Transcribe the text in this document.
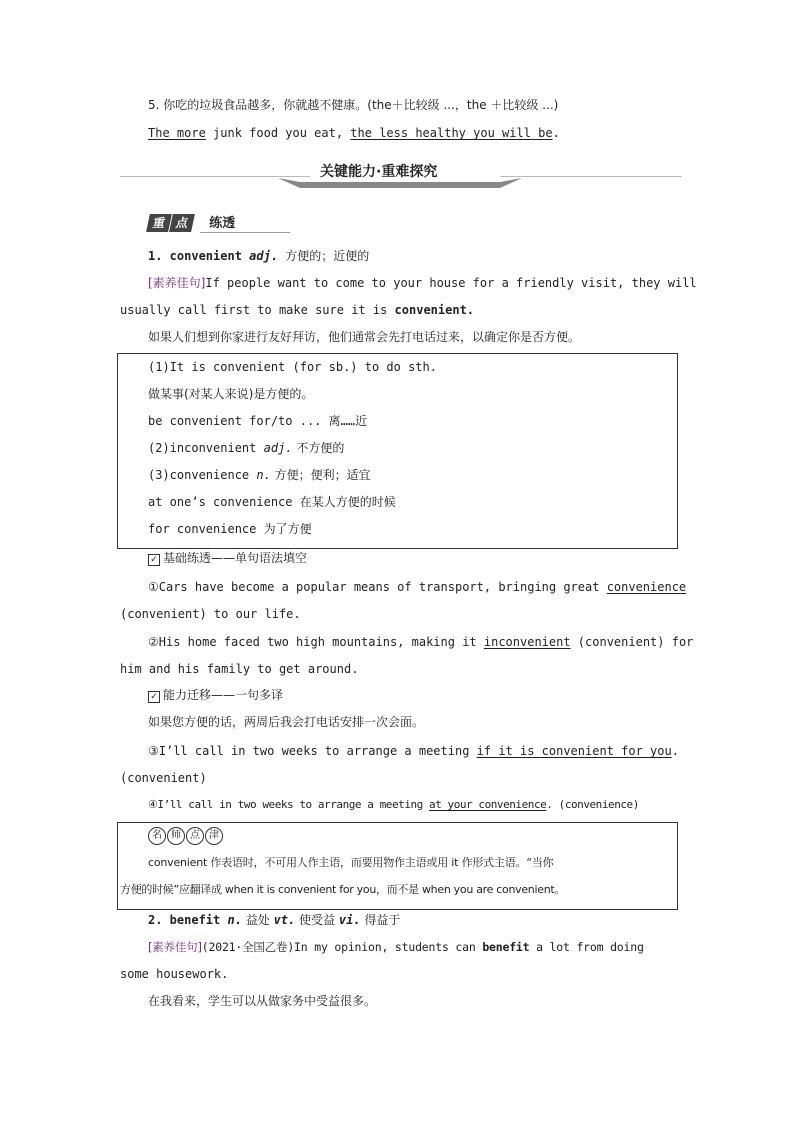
5. 你吃的垃圾食品越多，你就越不健康。(the＋比较级 ...，the ＋比较级 ...)
The more junk food you eat, the less healthy you will be.
关键能力·重难探究
重 点 练透
1. convenient adj. 方便的；近便的
[素养佳句]If people want to come to your house for a friendly visit, they will
usually call first to make sure it is convenient.
如果人们想到你家进行友好拜访，他们通常会先打电话过来，以确定你是否方便。
(1)It is convenient (for sb.) to do sth.
做某事(对某人来说)是方便的。
be convenient for/to ... 离……近
(2)inconvenient adj. 不方便的
(3)convenience n. 方便；便利；适宜
at one’s convenience 在某人方便的时候
for convenience 为了方便
✓ 基础练透——单句语法填空
①Cars have become a popular means of transport, bringing great convenience
(convenient) to our life.
②His home faced two high mountains, making it inconvenient (convenient) for
him and his family to get around.
✓ 能力迁移——一句多译
如果您方便的话，两周后我会打电话安排一次会面。
③I’ll call in two weeks to arrange a meeting if it is convenient for you.
(convenient)
④I’ll call in two weeks to arrange a meeting at your convenience. (convenience)
名 师 点 津
convenient 作表语时，不可用人作主语，而要用物作主语或用 it 作形式主语。“当你
方便的时候”应翻译成 when it is convenient for you，而不是 when you are convenient。
2. benefit n. 益处 vt. 使受益 vi. 得益于
[素养佳句](2021·全国乙卷)In my opinion, students can benefit a lot from doing
some housework.
在我看来，学生可以从做家务中受益很多。
